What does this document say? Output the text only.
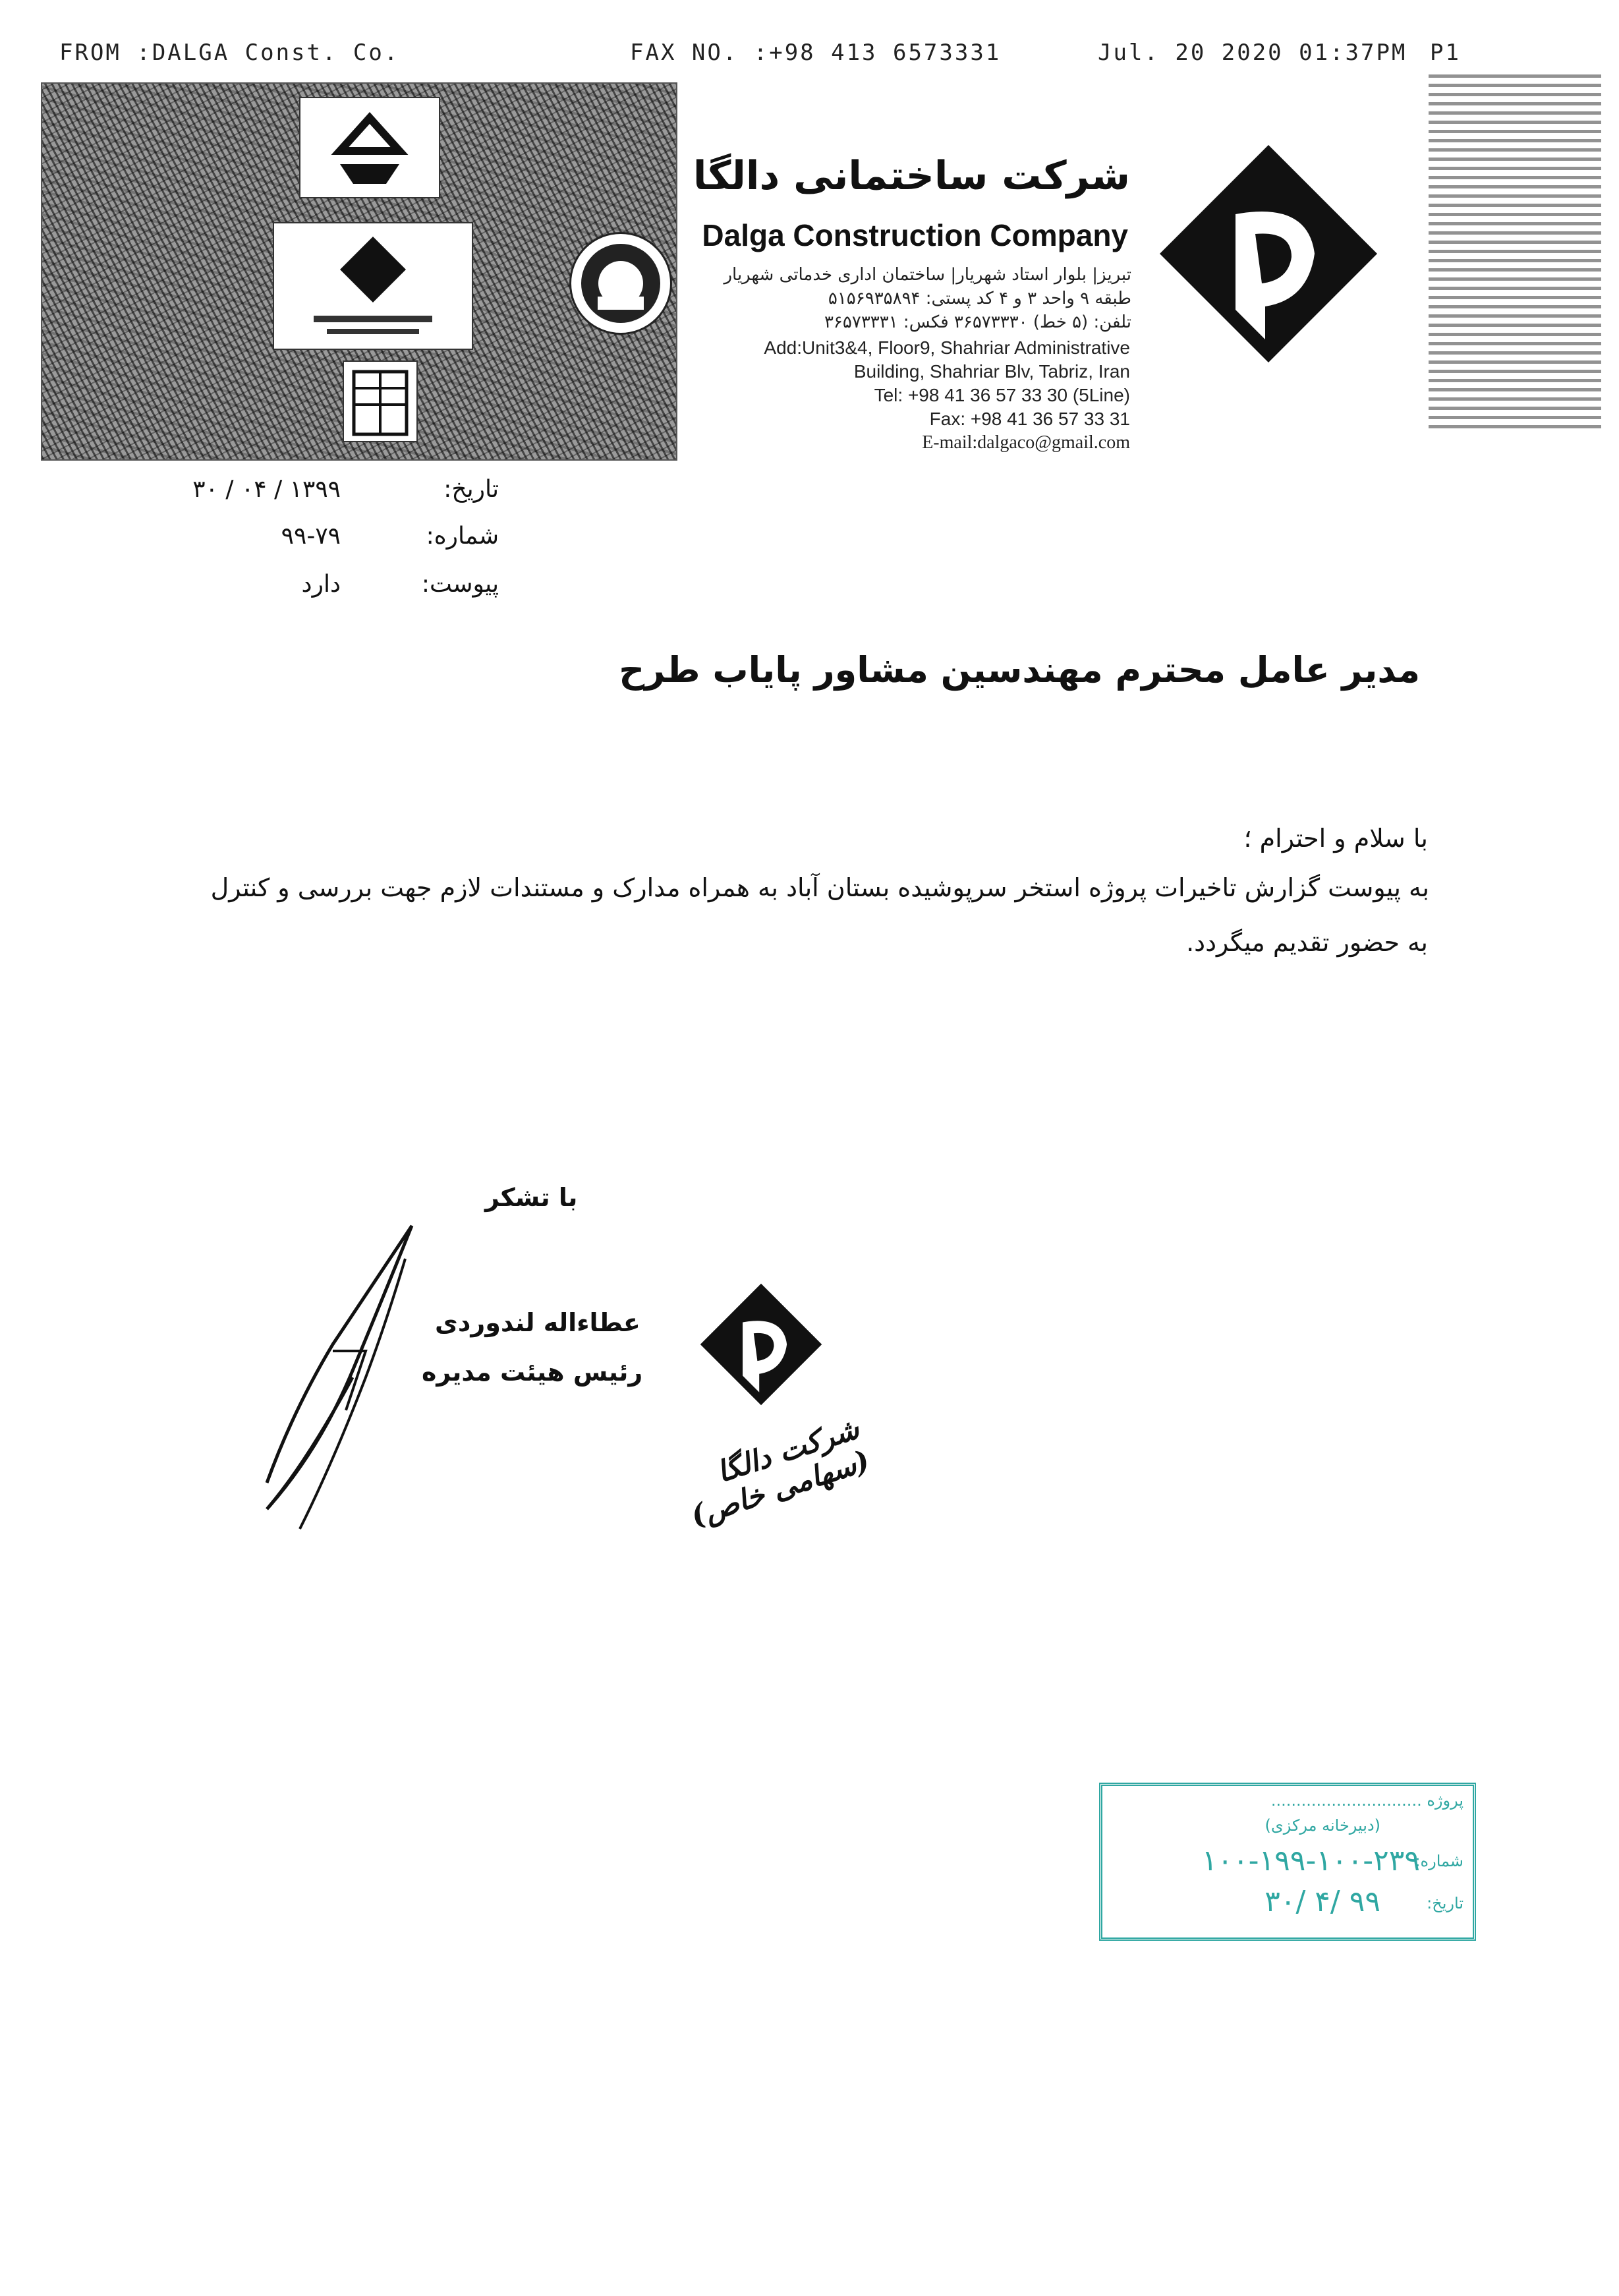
FROM :DALGA Const. Co.	FAX NO. :+98 413 6573331	Jul. 20 2020 01:37PM P1
شرکت ساختمانی دالگا
Dalga Construction Company
تبریز| بلوار استاد شهریار| ساختمان اداری خدماتی شهریار
طبقه ۹ واحد ۳ و ۴ کد پستی: ۵۱۵۶۹۳۵۸۹۴
تلفن: (۵ خط) ۳۶۵۷۳۳۳۰ فکس: ۳۶۵۷۳۳۳۱
Add:Unit3&4, Floor9, Shahriar Administrative
Building, Shahriar Blv, Tabriz, Iran
Tel: +98 41 36 57 33 30 (5Line)
Fax: +98 41 36 57 33 31
E-mail:dalgaco@gmail.com
تاریخ:
۱۳۹۹ / ۰۴ / ۳۰
شماره:
۹۹-۷۹
پیوست:
دارد
مدیر عامل محترم مهندسین مشاور پایاب طرح
با سلام و احترام ؛
به پیوست گزارش تاخیرات پروژه استخر سرپوشیده بستان آباد به همراه مدارک و مستندات لازم جهت بررسی و کنترل
به حضور تقدیم میگردد.
با تشکر
عطاءاله لندوردی
رئیس هیئت مدیره
شرکت دالگا (سهامی خاص)
پروژه ..............................
(دبیرخانه مرکزی)
شماره:
۱۰۰-۱۹۹-۱۰۰-۲۳۹
تاریخ:
۹۹ /۴ /۳۰
